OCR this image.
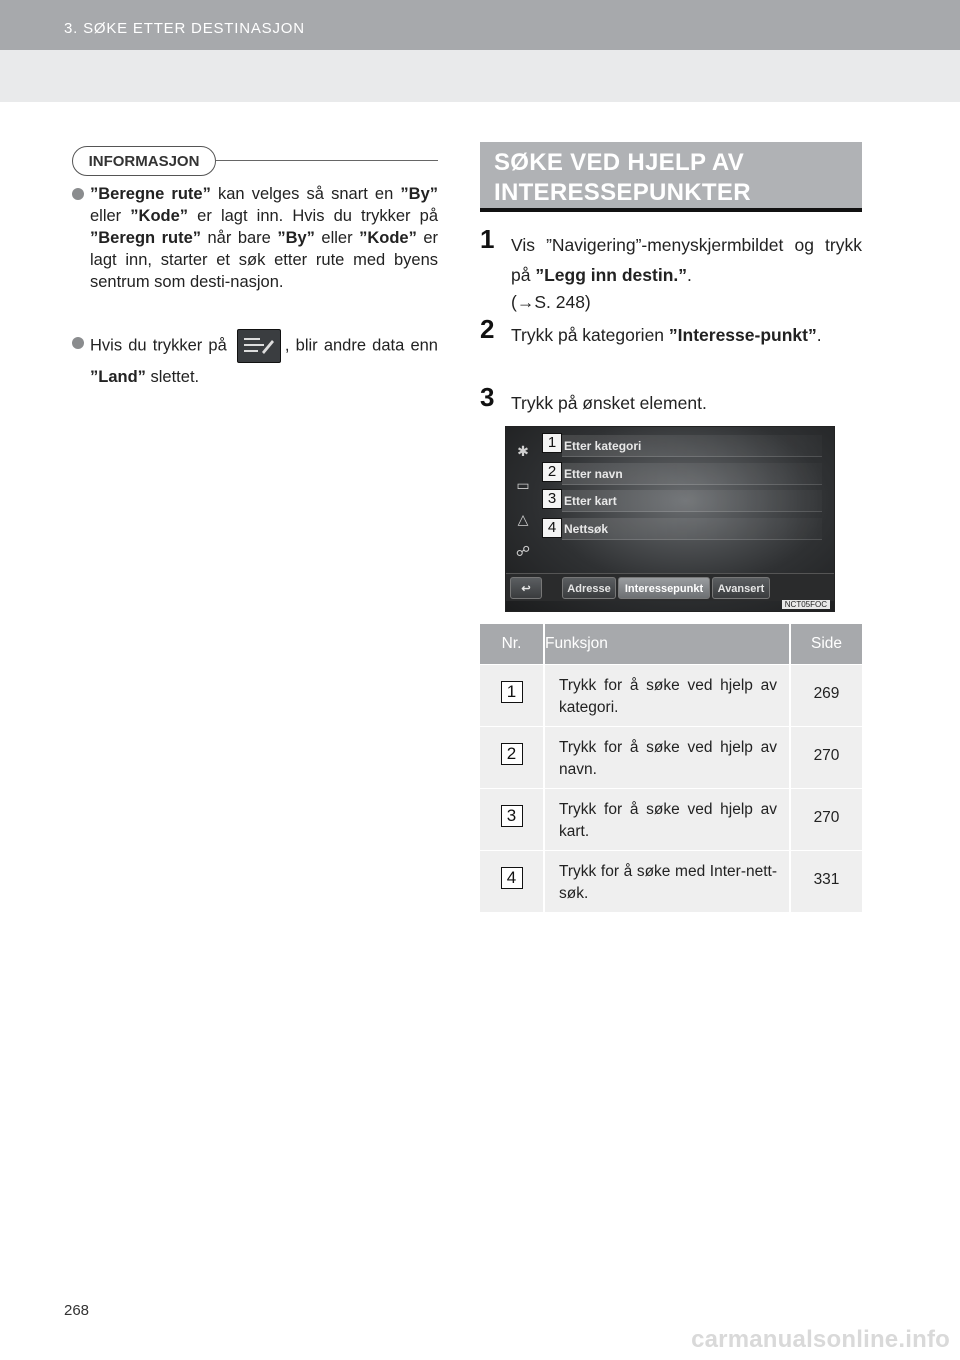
3. SØKE ETTER DESTINASJON
INFORMASJON
”Beregne rute” kan velges så snart en ”By” eller ”Kode” er lagt inn. Hvis du trykker på ”Beregn rute” når bare ”By” eller ”Kode” er lagt inn, starter et søk etter rute med byens sentrum som desti-nasjon.
Hvis du trykker på	, blir andre data enn ”Land” slettet.
SØKE VED HJELP AV
INTERESSEPUNKTER
1 Vis ”Navigering”-menyskjermbildet og trykk på ”Legg inn destin.”.
(→S. 248)
2 Trykk på kategorien ”Interesse-punkt”.
3 Trykk på ønsket element.
✱
▭
△
☍
Etter kategori
1
Etter navn
2
Etter kart
3
Nettsøk
4
↩	Adresse	Interessepunkt	Avansert
NCT05FOC
Nr.	Funksjon	Side
1	Trykk for å søke ved hjelp av kategori.	269
2	Trykk for å søke ved hjelp av navn.	270
3	Trykk for å søke ved hjelp av kart.	270
4	Trykk for å søke med Inter-nett-søk.	331
268
carmanualsonline.info
